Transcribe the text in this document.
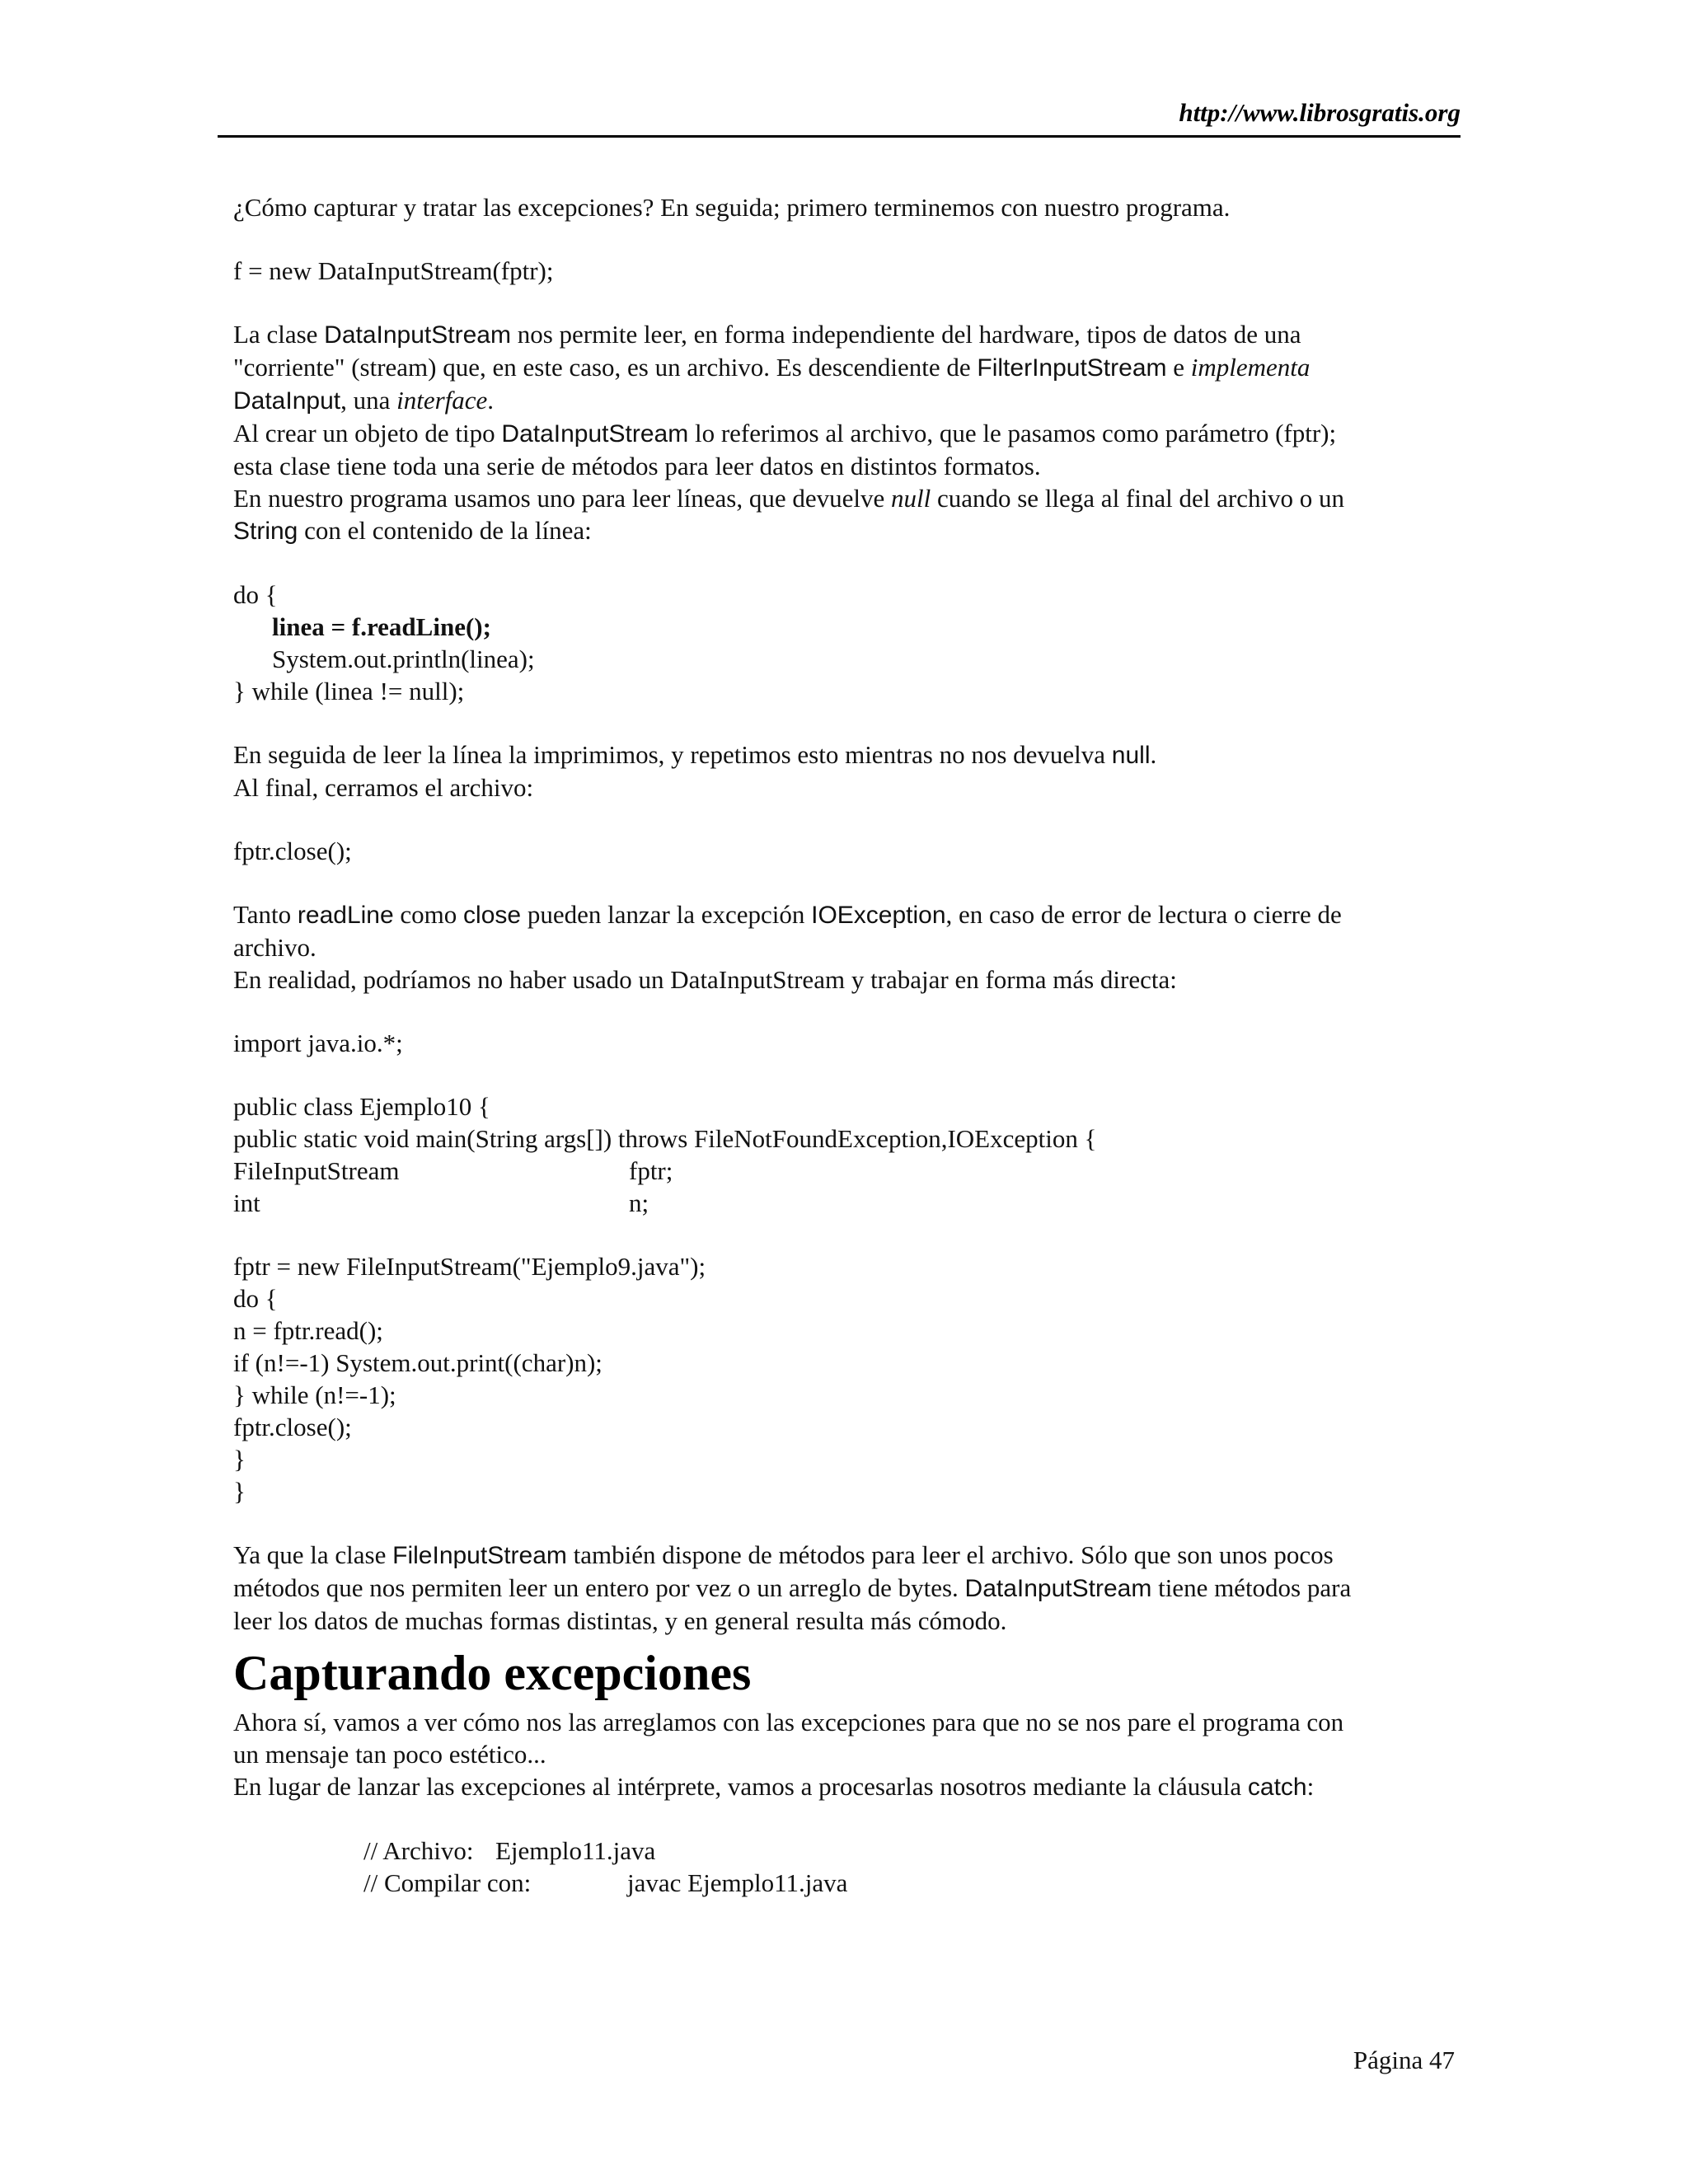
http://www.librosgratis.org

¿Cómo capturar y tratar las excepciones? En seguida; primero terminemos con nuestro programa.

f = new DataInputStream(fptr);

La clase DataInputStream nos permite leer, en forma independiente del hardware, tipos de datos de una

"corriente" (stream) que, en este caso, es un archivo. Es descendiente de FilterInputStream e implementa

DataInput, una interface.

Al crear un objeto de tipo DataInputStream lo referimos al archivo, que le pasamos como parámetro (fptr);

esta clase tiene toda una serie de métodos para leer datos en distintos formatos.

En nuestro programa usamos uno para leer líneas, que devuelve null cuando se llega al final del archivo o un

String con el contenido de la línea:

do {

linea = f.readLine();

System.out.println(linea);

} while (linea != null);

En seguida de leer la línea la imprimimos, y repetimos esto mientras no nos devuelva null.

Al final, cerramos el archivo:

fptr.close();

Tanto readLine como close pueden lanzar la excepción IOException, en caso de error de lectura o cierre de

archivo.

En realidad, podríamos no haber usado un DataInputStream y trabajar en forma más directa:

import java.io.*;

public class Ejemplo10 {

public static void main(String args[]) throws FileNotFoundException,IOException {

FileInputStream	fptr;

int	n;

fptr = new FileInputStream("Ejemplo9.java");

do {

n = fptr.read();

if (n!=-1) System.out.print((char)n);

} while (n!=-1);

fptr.close();

}

}

Ya que la clase FileInputStream también dispone de métodos para leer el archivo. Sólo que son unos pocos

métodos que nos permiten leer un entero por vez o un arreglo de bytes. DataInputStream tiene métodos para

leer los datos de muchas formas distintas, y en general resulta más cómodo.

Capturando excepciones

Ahora sí, vamos a ver cómo nos las arreglamos con las excepciones para que no se nos pare el programa con

un mensaje tan poco estético...

En lugar de lanzar las excepciones al intérprete, vamos a procesarlas nosotros mediante la cláusula catch:

// Archivo: Ejemplo11.java

// Compilar con:	javac Ejemplo11.java

Página 47
